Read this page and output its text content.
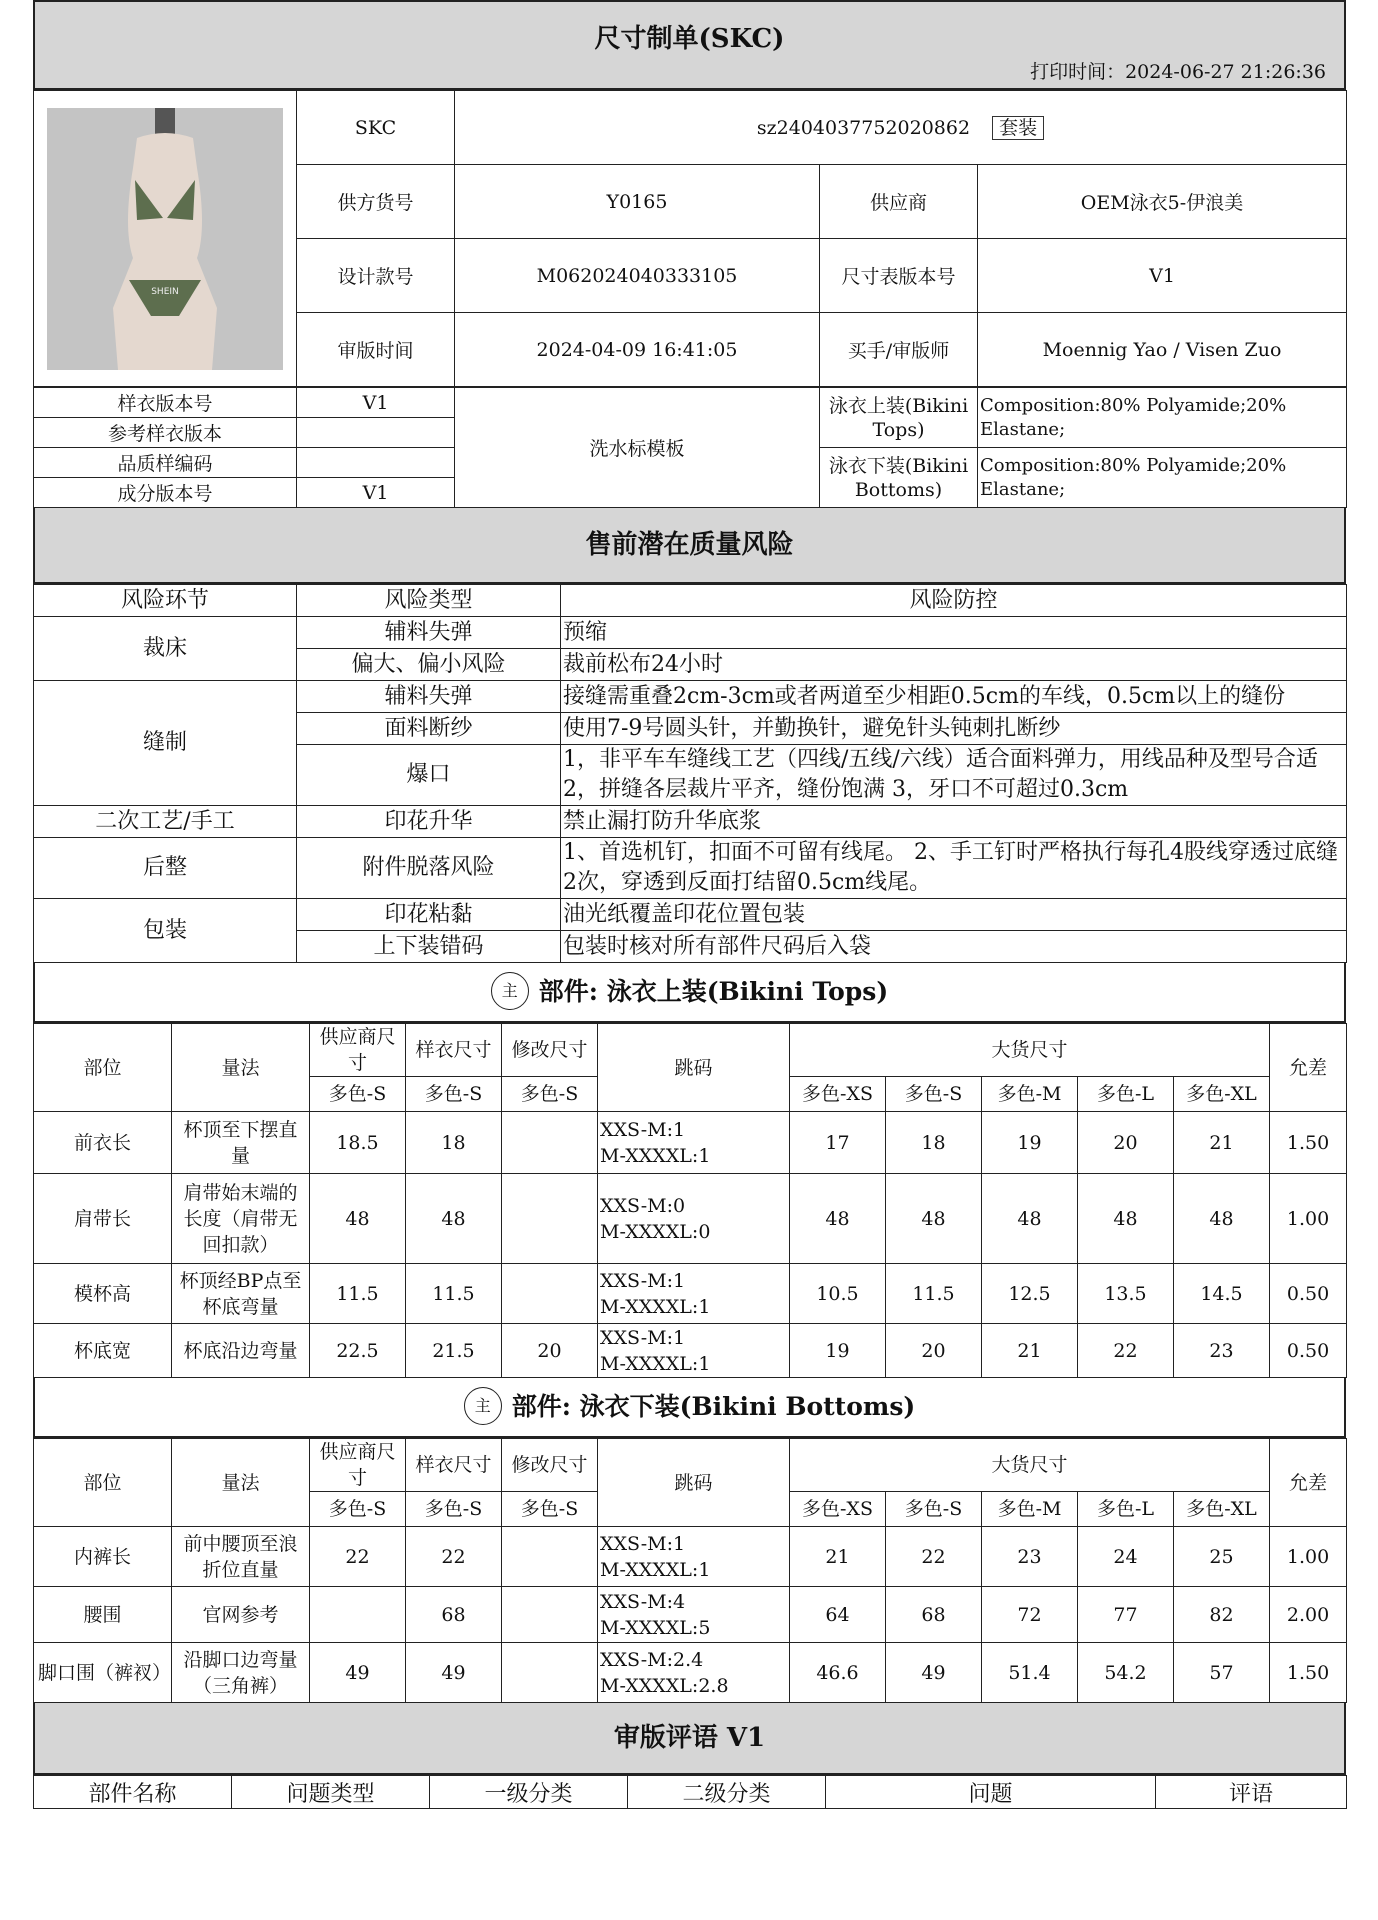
尺寸制单(SKC)
打印时间：2024-06-27 21:26:36
SHEIN	SKC	sz2404037752020862 套装		
	供方货号	Y0165	供应商	OEM泳衣5-伊浪美
	设计款号	M062024040333105	尺寸表版本号	V1
	审版时间	2024-04-09 16:41:05	买手/审版师	Moennig Yao / Visen Zuo
样衣版本号	V1	洗水标模板	泳衣上装(Bikini Tops)	Composition:80% Polyamide;20% Elastane;
参考样衣版本				
品质样编码			泳衣下装(Bikini Bottoms)	Composition:80% Polyamide;20% Elastane;
成分版本号	V1			
售前潜在质量风险
风险环节	风险类型	风险防控
裁床	辅料失弹	预缩
	偏大、偏小风险	裁前松布24小时
缝制	辅料失弹	接缝需重叠2cm-3cm或者两道至少相距0.5cm的车线，0.5cm以上的缝份
	面料断纱	使用7-9号圆头针，并勤换针，避免针头钝刺扎断纱
	爆口	1，非平车车缝线工艺（四线/五线/六线）适合面料弹力，用线品种及型号合适 2，拼缝各层裁片平齐，缝份饱满 3，牙口不可超过0.3cm
二次工艺/手工	印花升华	禁止漏打防升华底浆
后整	附件脱落风险	1、首选机钉，扣面不可留有线尾。 2、手工钉时严格执行每孔4股线穿透过底缝2次，穿透到反面打结留0.5cm线尾。
包装	印花粘黏	油光纸覆盖印花位置包装
	上下装错码	包装时核对所有部件尺码后入袋
主 部件: 泳衣上装(Bikini Tops)
部位	量法	供应商尺寸	样衣尺寸	修改尺寸	跳码	大货尺寸					允差
		多色-S	多色-S	多色-S		多色-XS	多色-S	多色-M	多色-L	多色-XL	
前衣长	杯顶至下摆直量	18.5	18		XXS-M:1
M-XXXXL:1	17	18	19	20	21	1.50
肩带长	肩带始末端的长度（肩带无回扣款）	48	48		XXS-M:0
M-XXXXL:0	48	48	48	48	48	1.00
模杯高	杯顶经BP点至杯底弯量	11.5	11.5		XXS-M:1
M-XXXXL:1	10.5	11.5	12.5	13.5	14.5	0.50
杯底宽	杯底沿边弯量	22.5	21.5	20	XXS-M:1
M-XXXXL:1	19	20	21	22	23	0.50
主 部件: 泳衣下装(Bikini Bottoms)
部位	量法	供应商尺寸	样衣尺寸	修改尺寸	跳码	大货尺寸					允差
		多色-S	多色-S	多色-S		多色-XS	多色-S	多色-M	多色-L	多色-XL	
内裤长	前中腰顶至浪折位直量	22	22		XXS-M:1
M-XXXXL:1	21	22	23	24	25	1.00
腰围	官网参考		68		XXS-M:4
M-XXXXL:5	64	68	72	77	82	2.00
脚口围（裤衩）	沿脚口边弯量（三角裤）	49	49		XXS-M:2.4
M-XXXXL:2.8	46.6	49	51.4	54.2	57	1.50
审版评语 V1
部件名称	问题类型	一级分类	二级分类	问题	评语
